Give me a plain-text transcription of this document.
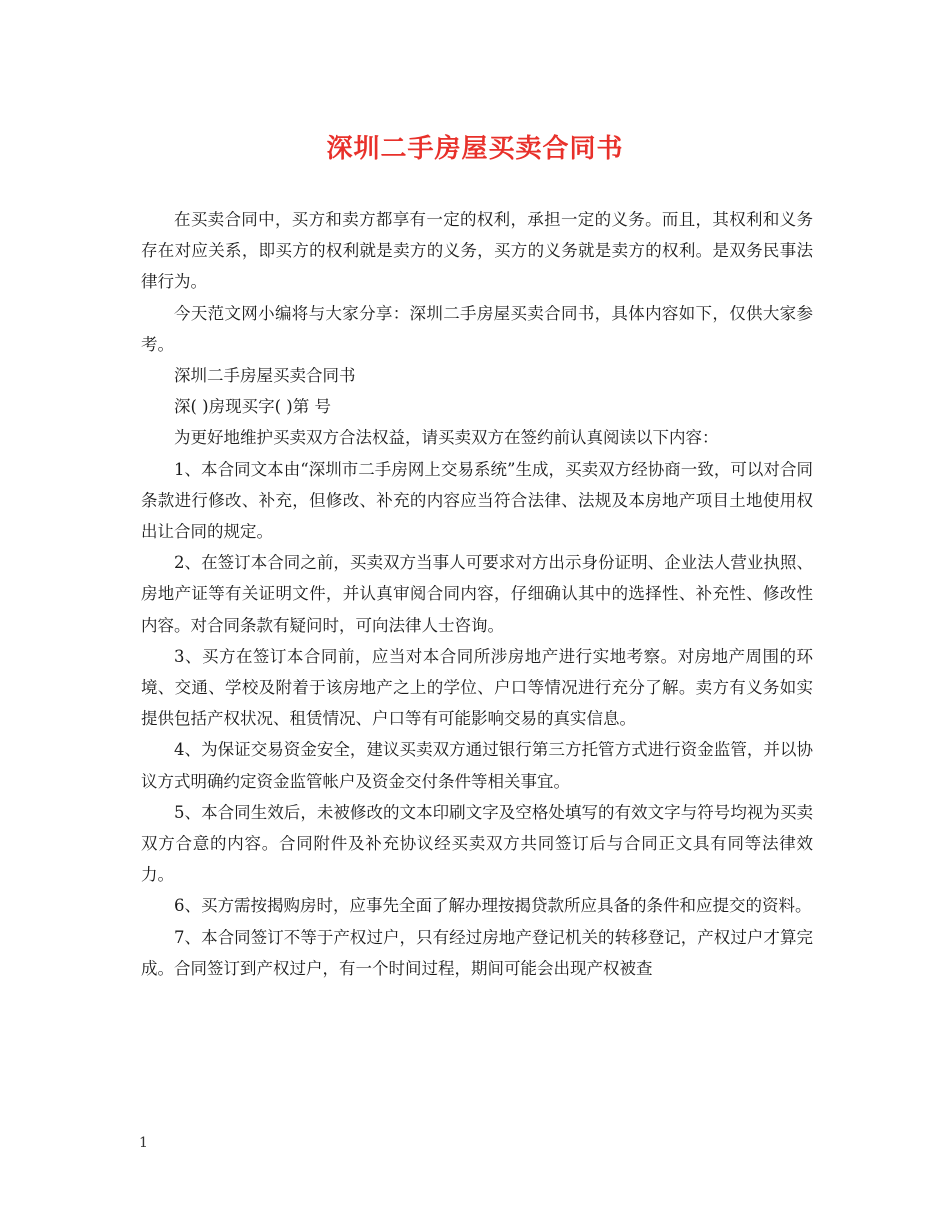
深圳二手房屋买卖合同书

在买卖合同中，买方和卖方都享有一定的权利，承担一定的义务。而且，其权利和义务存在对应关系，即买方的权利就是卖方的义务，买方的义务就是卖方的权利。是双务民事法律行为。

今天范文网小编将与大家分享：深圳二手房屋买卖合同书，具体内容如下，仅供大家参考。

深圳二手房屋买卖合同书

深( )房现买字( )第 号

为更好地维护买卖双方合法权益，请买卖双方在签约前认真阅读以下内容：

1、本合同文本由“深圳市二手房网上交易系统”生成，买卖双方经协商一致，可以对合同条款进行修改、补充，但修改、补充的内容应当符合法律、法规及本房地产项目土地使用权出让合同的规定。

2、在签订本合同之前，买卖双方当事人可要求对方出示身份证明、企业法人营业执照、房地产证等有关证明文件，并认真审阅合同内容，仔细确认其中的选择性、补充性、修改性内容。对合同条款有疑问时，可向法律人士咨询。

3、买方在签订本合同前，应当对本合同所涉房地产进行实地考察。对房地产周围的环境、交通、学校及附着于该房地产之上的学位、户口等情况进行充分了解。卖方有义务如实提供包括产权状况、租赁情况、户口等有可能影响交易的真实信息。

4、为保证交易资金安全，建议买卖双方通过银行第三方托管方式进行资金监管，并以协议方式明确约定资金监管帐户及资金交付条件等相关事宜。

5、本合同生效后，未被修改的文本印刷文字及空格处填写的有效文字与符号均视为买卖双方合意的内容。合同附件及补充协议经买卖双方共同签订后与合同正文具有同等法律效力。

6、买方需按揭购房时，应事先全面了解办理按揭贷款所应具备的条件和应提交的资料。

7、本合同签订不等于产权过户，只有经过房地产登记机关的转移登记，产权过户才算完成。合同签订到产权过户，有一个时间过程，期间可能会出现产权被查

1
